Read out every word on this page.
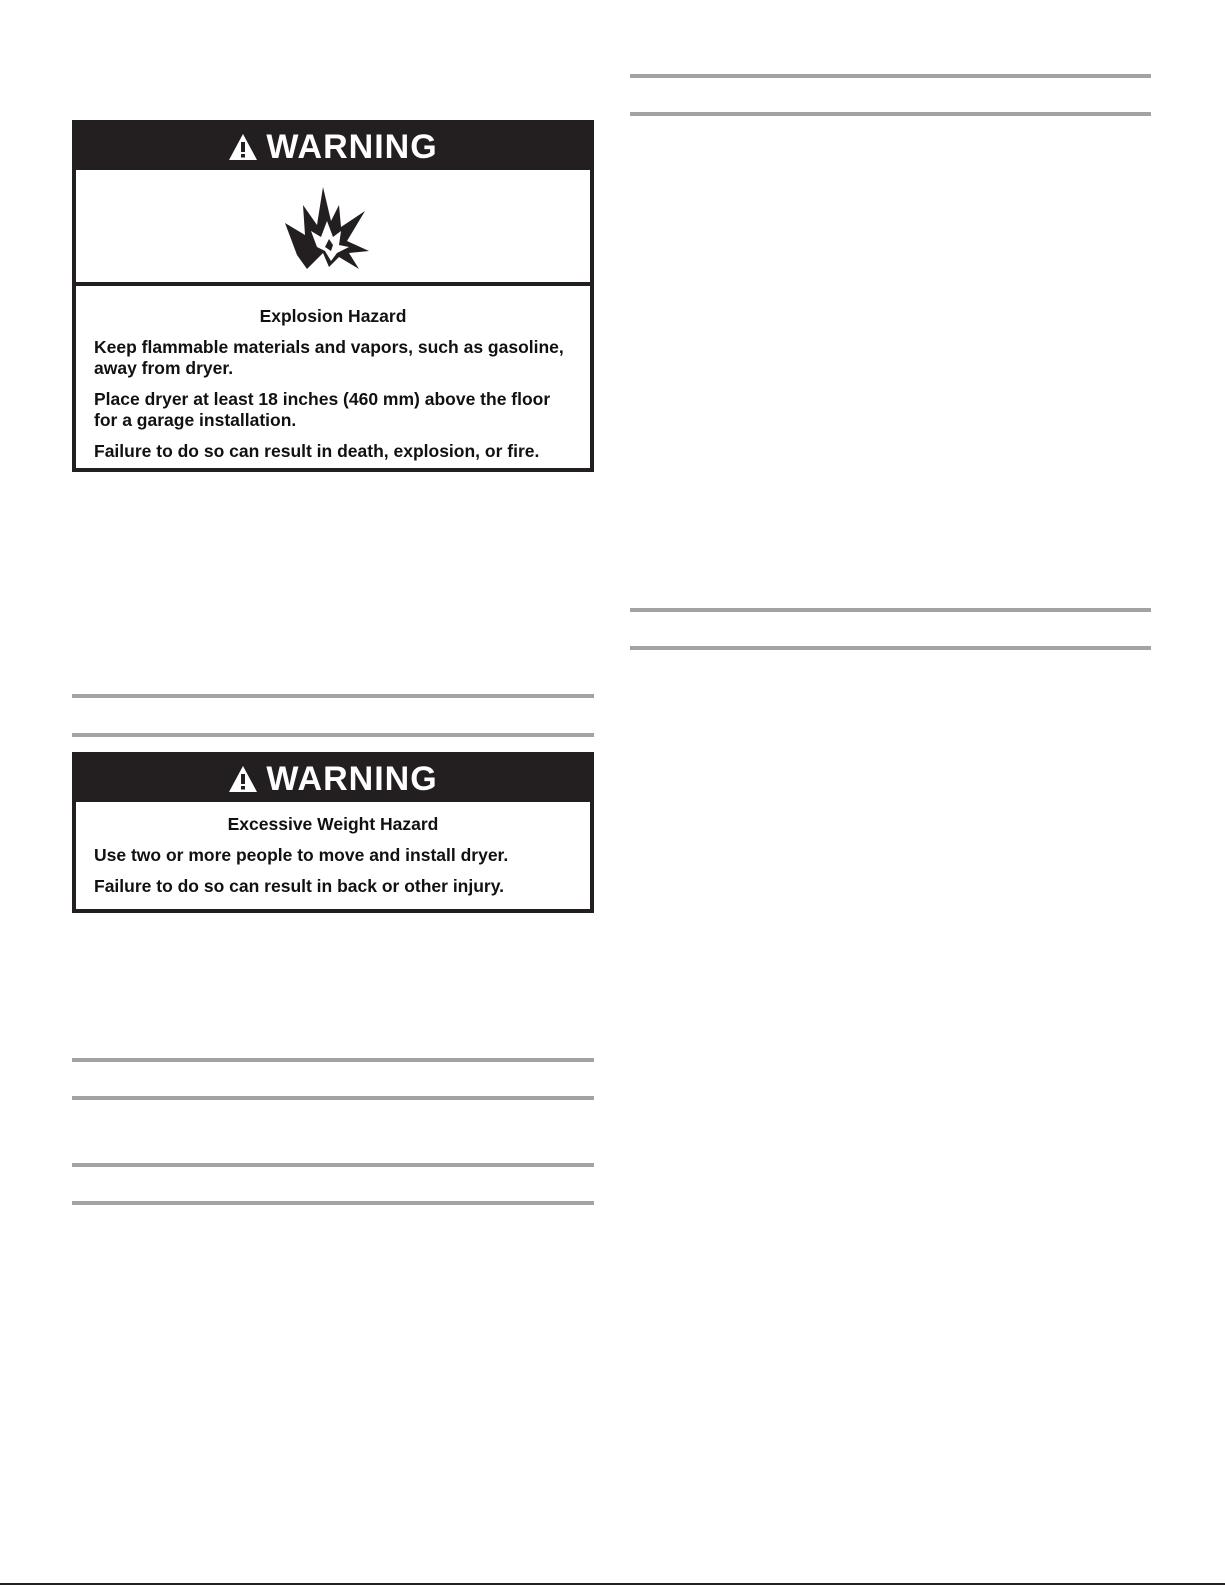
WARNING

Explosion Hazard

Keep flammable materials and vapors, such as gasoline, away from dryer.

Place dryer at least 18 inches (460 mm) above the floor for a garage installation.

Failure to do so can result in death, explosion, or fire.

WARNING

Excessive Weight Hazard

Use two or more people to move and install dryer.

Failure to do so can result in back or other injury.
